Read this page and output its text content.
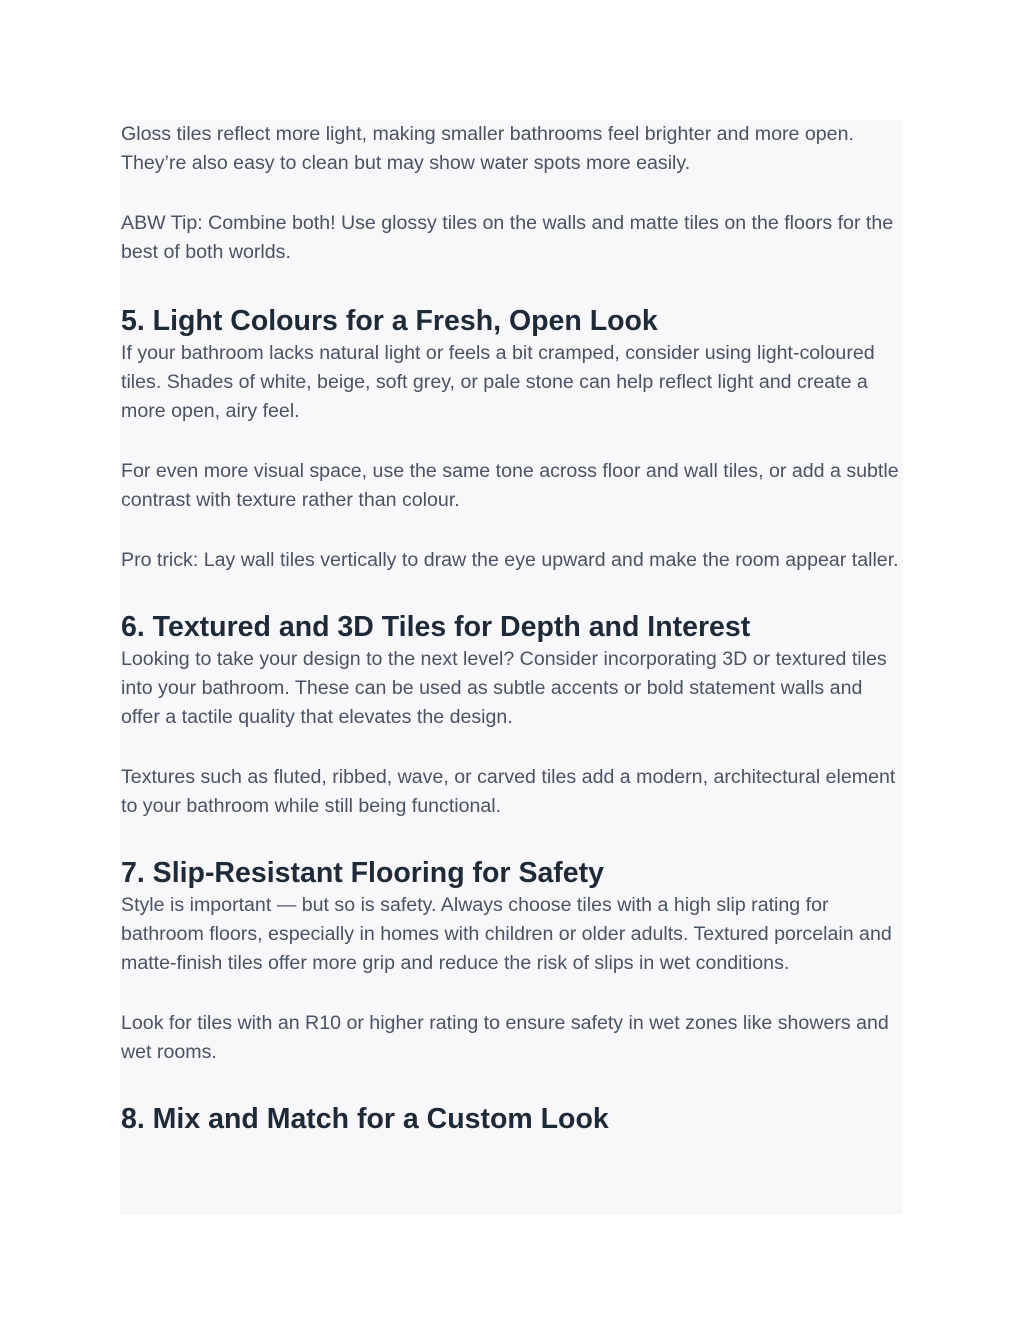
Gloss tiles reflect more light, making smaller bathrooms feel brighter and more open. They’re also easy to clean but may show water spots more easily.

ABW Tip: Combine both! Use glossy tiles on the walls and matte tiles on the floors for the best of both worlds.

5. Light Colours for a Fresh, Open Look

If your bathroom lacks natural light or feels a bit cramped, consider using light-coloured tiles. Shades of white, beige, soft grey, or pale stone can help reflect light and create a more open, airy feel.

For even more visual space, use the same tone across floor and wall tiles, or add a subtle contrast with texture rather than colour.

Pro trick: Lay wall tiles vertically to draw the eye upward and make the room appear taller.

6. Textured and 3D Tiles for Depth and Interest

Looking to take your design to the next level? Consider incorporating 3D or textured tiles into your bathroom. These can be used as subtle accents or bold statement walls and offer a tactile quality that elevates the design.

Textures such as fluted, ribbed, wave, or carved tiles add a modern, architectural element to your bathroom while still being functional.

7. Slip-Resistant Flooring for Safety

Style is important — but so is safety. Always choose tiles with a high slip rating for bathroom floors, especially in homes with children or older adults. Textured porcelain and matte-finish tiles offer more grip and reduce the risk of slips in wet conditions.

Look for tiles with an R10 or higher rating to ensure safety in wet zones like showers and wet rooms.

8. Mix and Match for a Custom Look
